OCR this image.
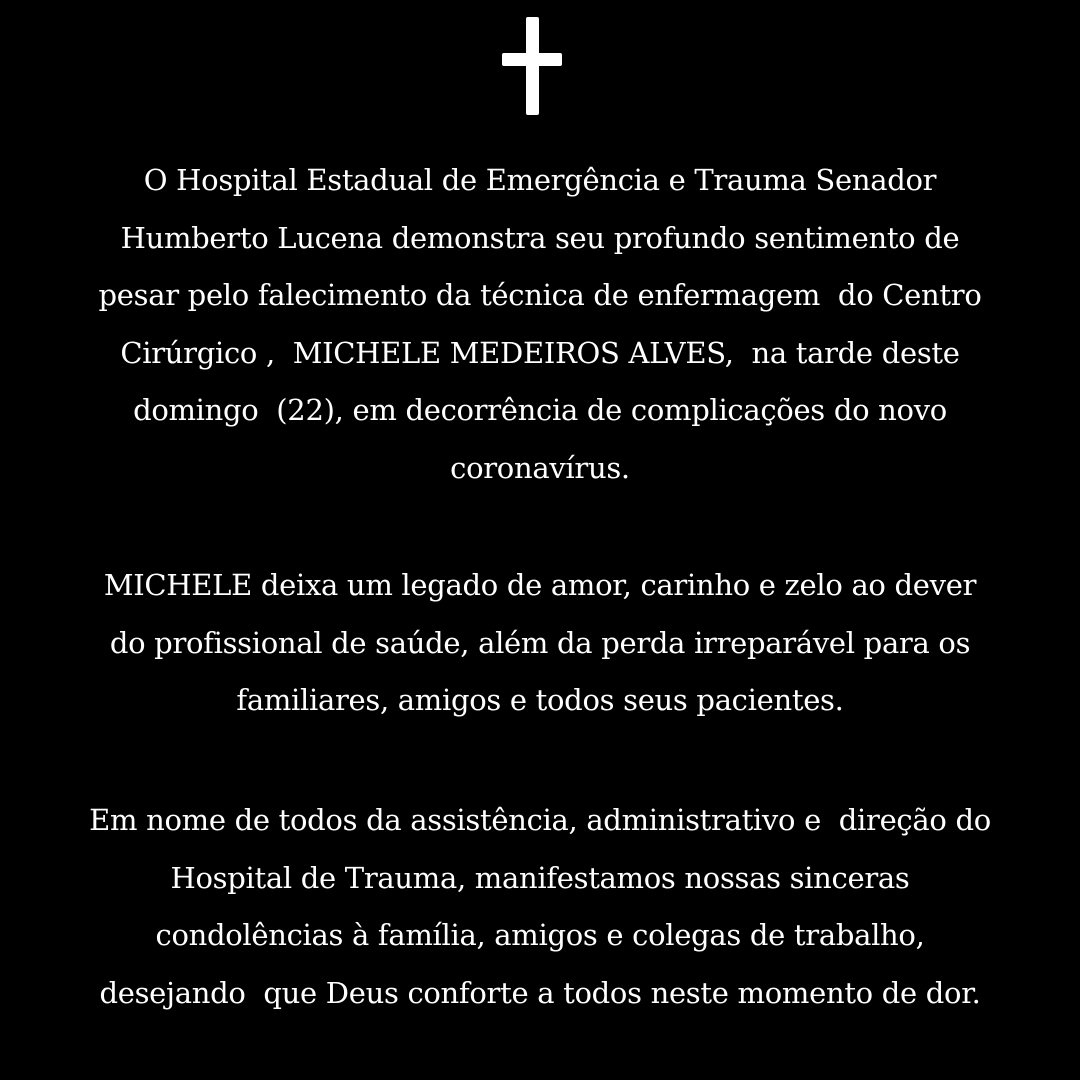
O Hospital Estadual de Emergência e Trauma Senador
Humberto Lucena demonstra seu profundo sentimento de
pesar pelo falecimento da técnica de enfermagem  do Centro
Cirúrgico ,  MICHELE MEDEIROS ALVES,  na tarde deste
domingo  (22), em decorrência de complicações do novo
coronavírus.
MICHELE deixa um legado de amor, carinho e zelo ao dever
do profissional de saúde, além da perda irreparável para os
familiares, amigos e todos seus pacientes.
Em nome de todos da assistência, administrativo e  direção do
Hospital de Trauma, manifestamos nossas sinceras
condolências à família, amigos e colegas de trabalho,
desejando  que Deus conforte a todos neste momento de dor.
